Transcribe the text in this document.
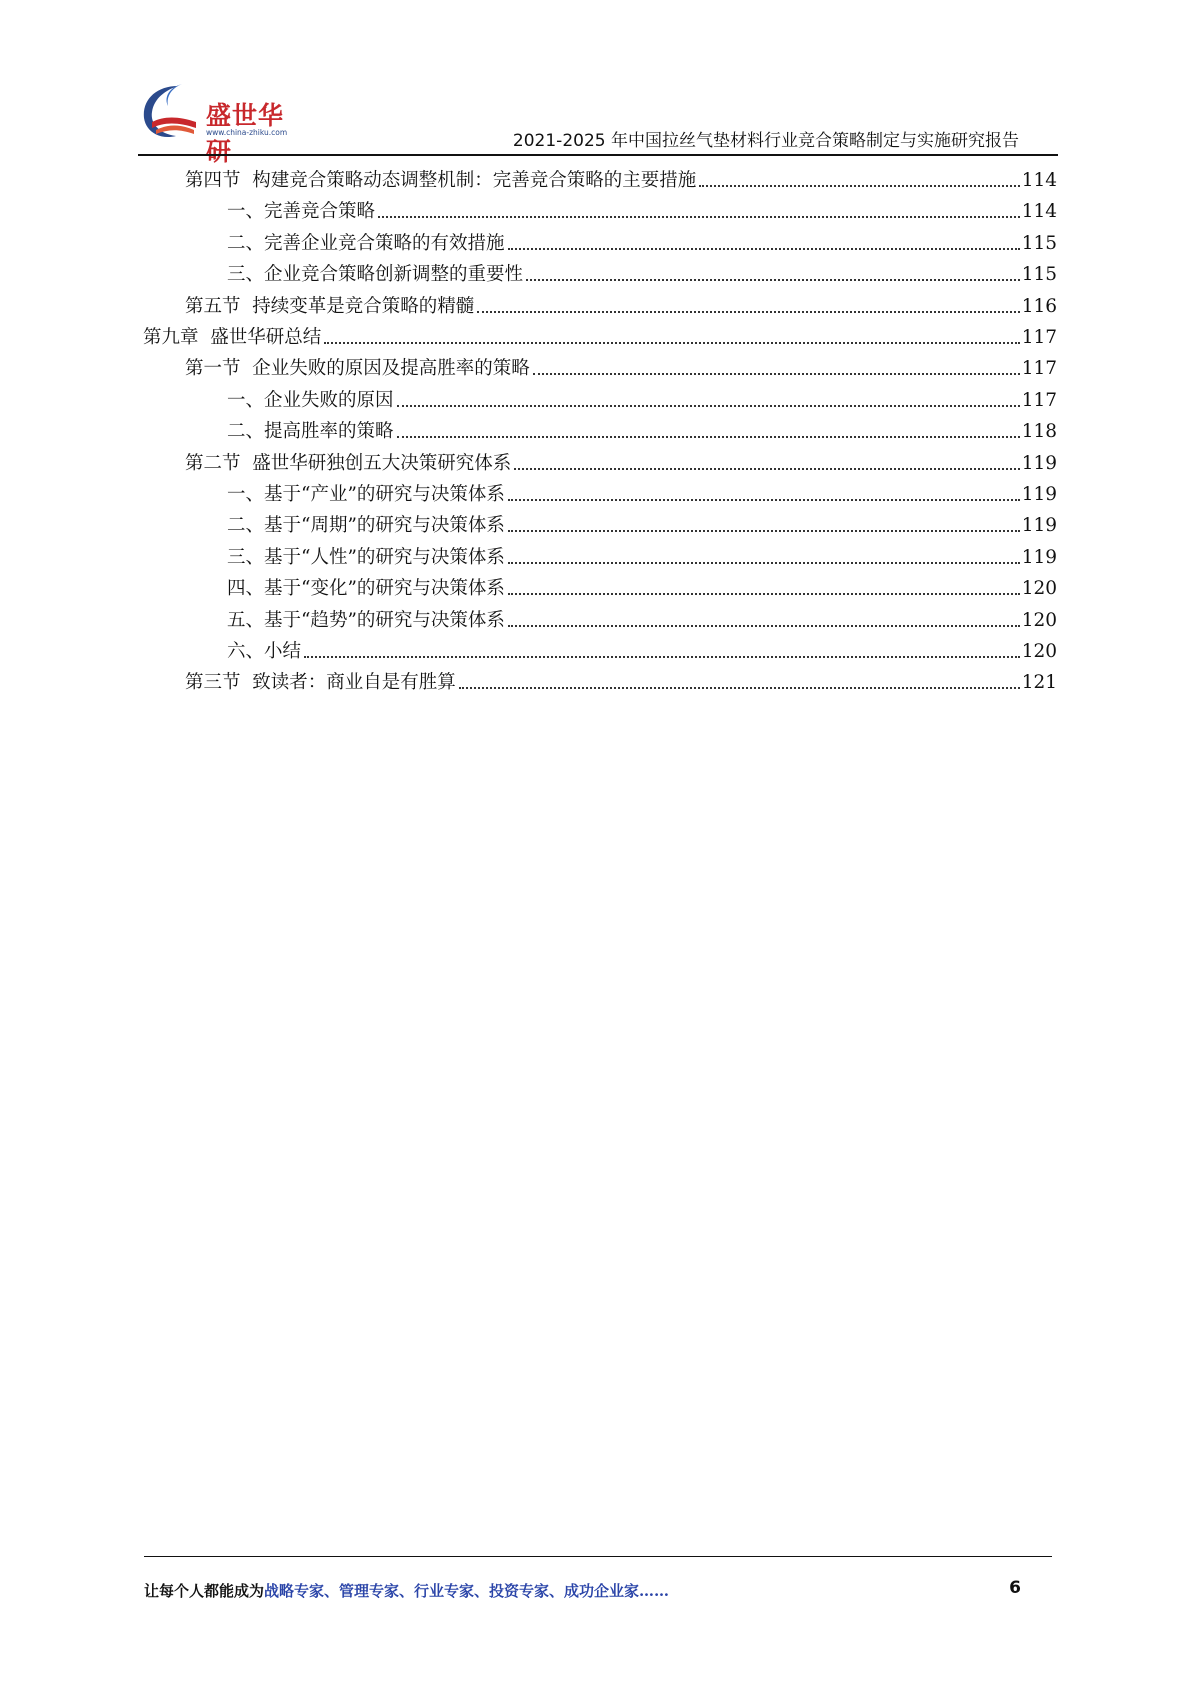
盛世华研
www.china-zhiku.com	2021-2025 年中国拉丝气垫材料行业竞合策略制定与实施研究报告
第四节  构建竞合策略动态调整机制：完善竞合策略的主要措施	114
一、完善竞合策略	114
二、完善企业竞合策略的有效措施	115
三、企业竞合策略创新调整的重要性	115
第五节  持续变革是竞合策略的精髓	116
第九章  盛世华研总结	117
第一节  企业失败的原因及提高胜率的策略	117
一、企业失败的原因	117
二、提高胜率的策略	118
第二节  盛世华研独创五大决策研究体系	119
一、基于“产业”的研究与决策体系	119
二、基于“周期”的研究与决策体系	119
三、基于“人性”的研究与决策体系	119
四、基于“变化”的研究与决策体系	120
五、基于“趋势”的研究与决策体系	120
六、小结	120
第三节  致读者：商业自是有胜算	121
让每个人都能成为战略专家、管理专家、行业专家、投资专家、成功企业家……	6
